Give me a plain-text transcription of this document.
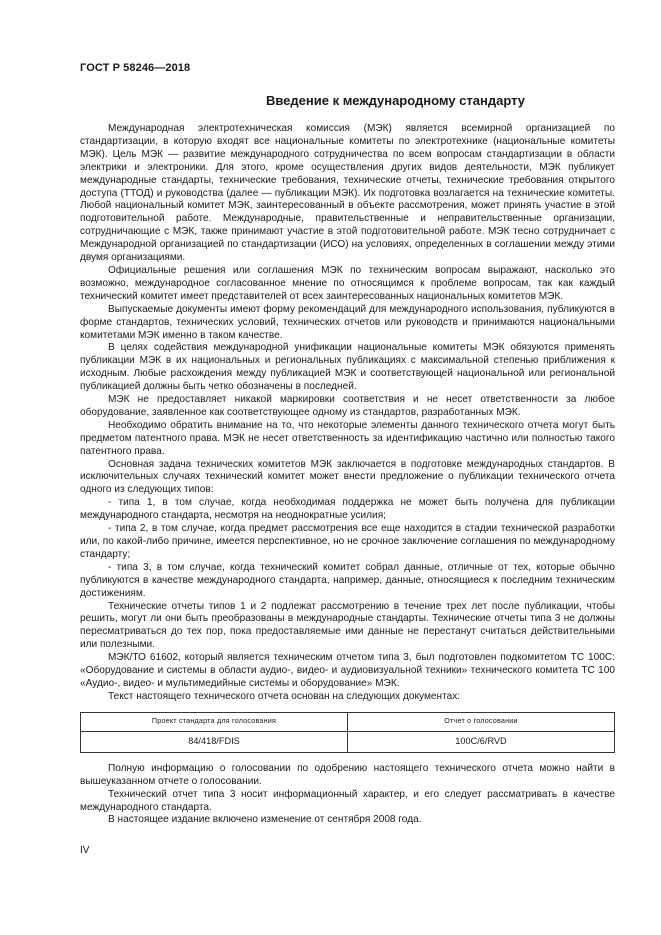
ГОСТ Р 58246—2018
Введение к международному стандарту

Международная электротехническая комиссия (МЭК) является всемирной организацией по стандартизации, в которую входят все национальные комитеты по электротехнике (национальные комитеты МЭК). Цель МЭК — развитие международного сотрудничества по всем вопросам стандартизации в области электрики и электроники. Для этого, кроме осуществления других видов деятельности, МЭК публикует международные стандарты, технические требования, технические отчеты, технические требования открытого доступа (ТТОД) и руководства (далее — публикации МЭК). Их подготовка возлагается на технические комитеты. Любой национальный комитет МЭК, заинтересованный в объекте рассмотрения, может принять участие в этой подготовительной работе. Международные, правительственные и неправительственные организации, сотрудничающие с МЭК, также принимают участие в этой подготовительной работе. МЭК тесно сотрудничает с Международной организацией по стандартизации (ИСО) на условиях, определенных в соглашении между этими двумя организациями.

Официальные решения или соглашения МЭК по техническим вопросам выражают, насколько это возможно, международное согласованное мнение по относящимся к проблеме вопросам, так как каждый технический комитет имеет представителей от всех заинтересованных национальных комитетов МЭК.

Выпускаемые документы имеют форму рекомендаций для международного использования, публикуются в форме стандартов, технических условий, технических отчетов или руководств и принимаются национальными комитетами МЭК именно в таком качестве.

В целях содействия международной унификации национальные комитеты МЭК обязуются применять публикации МЭК в их национальных и региональных публикациях с максимальной степенью приближения к исходным. Любые расхождения между публикацией МЭК и соответствующей национальной или региональной публикацией должны быть четко обозначены в последней.

МЭК не предоставляет никакой маркировки соответствия и не несет ответственности за любое оборудование, заявленное как соответствующее одному из стандартов, разработанных МЭК.

Необходимо обратить внимание на то, что некоторые элементы данного технического отчета могут быть предметом патентного права. МЭК не несет ответственность за идентификацию частично или полностью такого патентного права.

Основная задача технических комитетов МЭК заключается в подготовке международных стандартов. В исключительных случаях технический комитет может внести предложение о публикации технического отчета одного из следующих типов:

- типа 1, в том случае, когда необходимая поддержка не может быть получена для публикации международного стандарта, несмотря на неоднократные усилия;

- типа 2, в том случае, когда предмет рассмотрения все еще находится в стадии технической разработки или, по какой-либо причине, имеется перспективное, но не срочное заключение соглашения по международному стандарту;

- типа 3, в том случае, когда технический комитет собрал данные, отличные от тех, которые обычно публикуются в качестве международного стандарта, например, данные, относящиеся к последним техническим достижениям.

Технические отчеты типов 1 и 2 подлежат рассмотрению в течение трех лет после публикации, чтобы решить, могут ли они быть преобразованы в международные стандарты. Технические отчеты типа 3 не должны пересматриваться до тех пор, пока предоставляемые ими данные не перестанут считаться действительными или полезными.

МЭК/ТО 61602, который является техническим отчетом типа 3, был подготовлен подкомитетом ТС 100С: «Оборудование и системы в области аудио-, видео- и аудиовизуальной техники» технического комитета ТС 100 «Аудио-, видео- и мультимедийные системы и оборудование» МЭК.

Текст настоящего технического отчета основан на следующих документах:

Проект стандарта для голосования	Отчет о голосовании
84/418/FDIS	100С/6/RVD

Полную информацию о голосовании по одобрению настоящего технического отчета можно найти в вышеуказанном отчете о голосовании.

Технический отчет типа 3 носит информационный характер, и его следует рассматривать в качестве международного стандарта.

В настоящее издание включено изменение от сентября 2008 года.

IV
